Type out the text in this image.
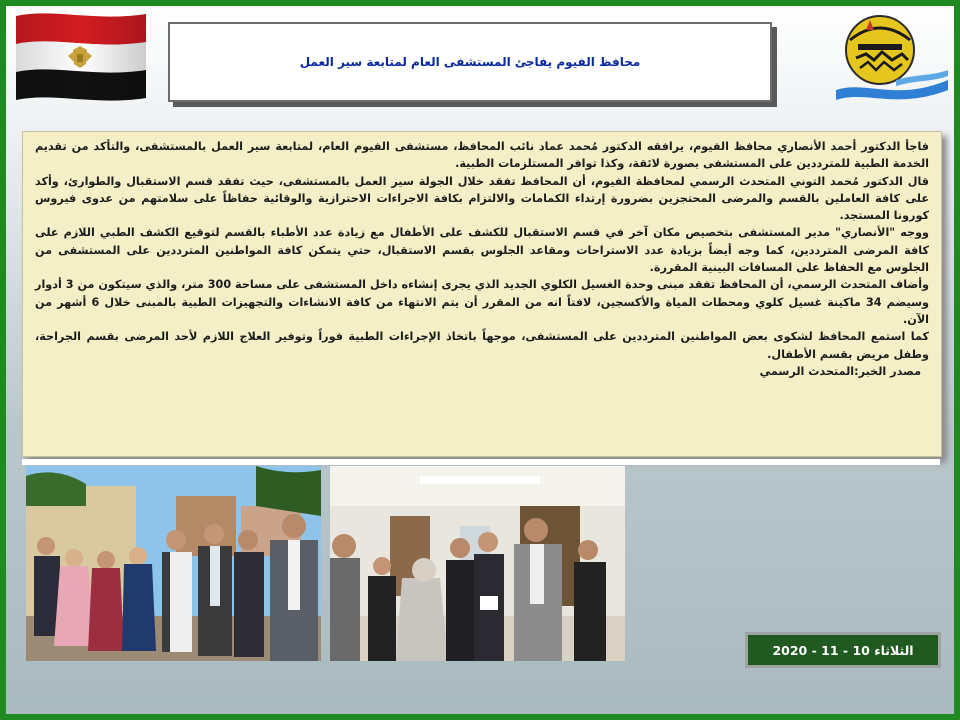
محافظ الفيوم يفاجئ المستشفى العام لمتابعة سير العمل

فاجأ الدكتور أحمد الأنصاري محافظ الفيوم، يرافقه الدكتور مُحمد عماد نائب المحافظ، مستشفى الفيوم العام، لمتابعة سير العمل بالمستشفى، والتأكد من تقديم الخدمة الطبية للمترددين على المستشفى بصورة لائقة، وكذا توافر المستلزمات الطبية.

قال الدكتور مُحمد التوني المتحدث الرسمي لمحافظة الفيوم، أن المحافظ تفقد خلال الجولة سير العمل بالمستشفى، حيث تفقد قسم الاستقبال والطوارئ، وأكد على كافة العاملين بالقسم والمرضى المحتجزين بضرورة إرتداء الكمامات والالتزام بكافة الاجراءات الاحترازية والوقائية حفاظاً على سلامتهم من عدوى فيروس كورونا المستجد.

ووجه "الأنصاري" مدير المستشفى بتخصيص مكان آخر في قسم الاستقبال للكشف على الأطفال مع زيادة عدد الأطباء بالقسم لتوقيع الكشف الطبي اللازم على كافة المرضى المترددين، كما وجه أيضاً بزيادة عدد الاستراحات ومقاعد الجلوس بقسم الاستقبال، حتي يتمكن كافة المواطنين المترددين على المستشفى من الجلوس مع الحفاظ على المسافات البينية المقررة.

وأضاف المتحدث الرسمي، أن المحافظ تفقد مبنى وحدة الغسيل الكلوي الجديد الذي يجرى إنشاءه داخل المستشفى على مساحة 300 متر، والذي سيتكون من 3 أدوار وسيضم 34 ماكينة غسيل كلوي ومحطات المياة والأكسجين، لافتاً انه من المقرر أن يتم الانتهاء من كافة الانشاءات والتجهيزات الطبية بالمبنى خلال 6 أشهر من الآن.

كما استمع المحافظ لشكوى بعض المواطنين المترددين على المستشفى، موجهاً باتخاذ الإجراءات الطبية فوراً وتوفير العلاج اللازم لأحد المرضى بقسم الجراحة، وطفل مريض بقسم الأطفال.

مصدر الخبر:المتحدث الرسمي

الثلاثاء 10 - 11 - 2020
